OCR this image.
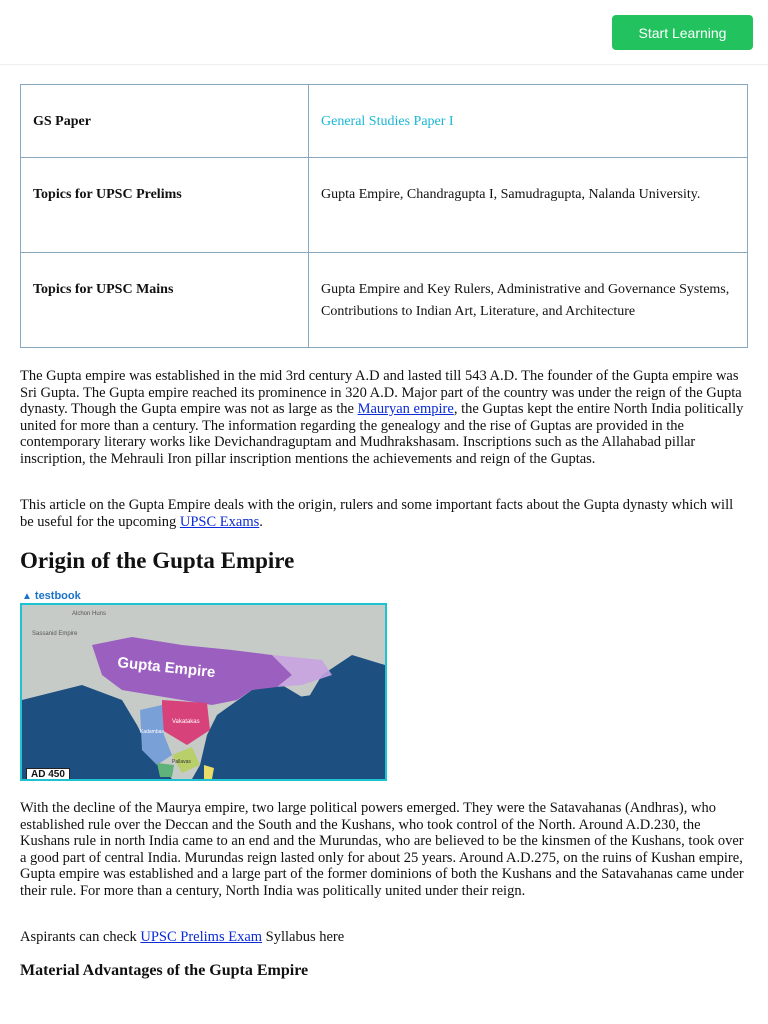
Start Learning
GS Paper	General Studies Paper I
Topics for UPSC Prelims	Gupta Empire, Chandragupta I, Samudragupta, Nalanda University.
Topics for UPSC Mains	Gupta Empire and Key Rulers, Administrative and Governance Systems, Contributions to Indian Art, Literature, and Architecture

The Gupta empire was established in the mid 3rd century A.D and lasted till 543 A.D. The founder of the Gupta empire was Sri Gupta. The Gupta empire reached its prominence in 320 A.D. Major part of the country was under the reign of the Gupta dynasty. Though the Gupta empire was not as large as the Mauryan empire, the Guptas kept the entire North India politically united for more than a century. The information regarding the genealogy and the rise of Guptas are provided in the contemporary literary works like Devichandraguptam and Mudhrakshasam. Inscriptions such as the Allahabad pillar inscription, the Mehrauli Iron pillar inscription mentions the achievements and reign of the Guptas.

This article on the Gupta Empire deals with the origin, rulers and some important facts about the Gupta dynasty which will be useful for the upcoming UPSC Exams.

Origin of the Gupta Empire
▲ testbook
Alchon Huns
Sassanid Empire
Gupta Empire
Vakatakas
Kadambas
Pallavas
AD 450

With the decline of the Maurya empire, two large political powers emerged. They were the Satavahanas (Andhras), who established rule over the Deccan and the South and the Kushans, who took control of the North. Around A.D.230, the Kushans rule in north India came to an end and the Murundas, who are believed to be the kinsmen of the Kushans, took over a good part of central India. Murundas reign lasted only for about 25 years. Around A.D.275, on the ruins of Kushan empire, Gupta empire was established and a large part of the former dominions of both the Kushans and the Satavahanas came under their rule. For more than a century, North India was politically united under their reign.

Aspirants can check UPSC Prelims Exam Syllabus here

Material Advantages of the Gupta Empire
